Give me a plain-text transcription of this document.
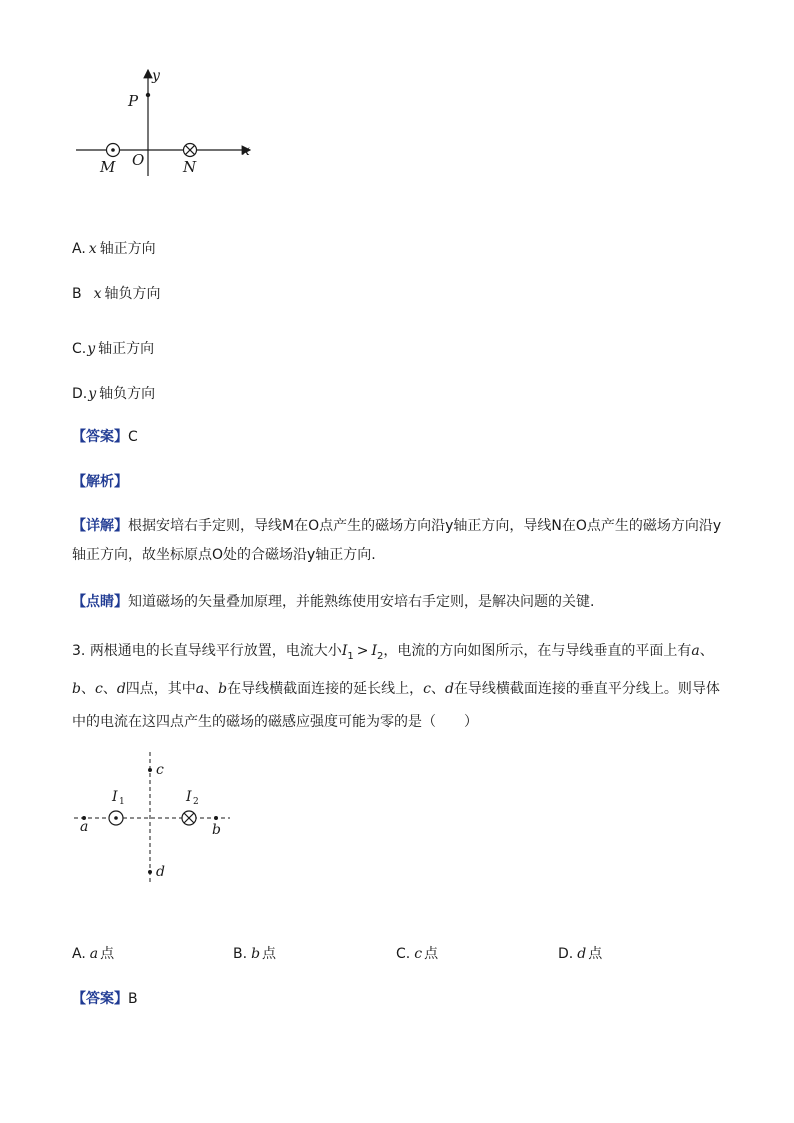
y
x
P
O
M	N
A. x 轴正方向
B x 轴负方向
C.y 轴正方向
D.y 轴负方向
【答案】C
【解析】
【详解】根据安培右手定则，导线M在O点产生的磁场方向沿y轴正方向，导线N在O点产生的磁场方向沿y轴正方向，故坐标原点O处的合磁场沿y轴正方向.
【点睛】知道磁场的矢量叠加原理，并能熟练使用安培右手定则，是解决问题的关键.
3. 两根通电的长直导线平行放置，电流大小$I_1 > I_2$，电流的方向如图所示，在与导线垂直的平面上有a、b、c、d四点，其中a、b在导线横截面连接的延长线上，c、d在导线横截面连接的垂直平分线上。则导体中的电流在这四点产生的磁场的磁感应强度可能为零的是（　　）
c
d
a	b
I 1	I 2
A. a 点	B. b 点	C. c 点	D. d 点
【答案】B
